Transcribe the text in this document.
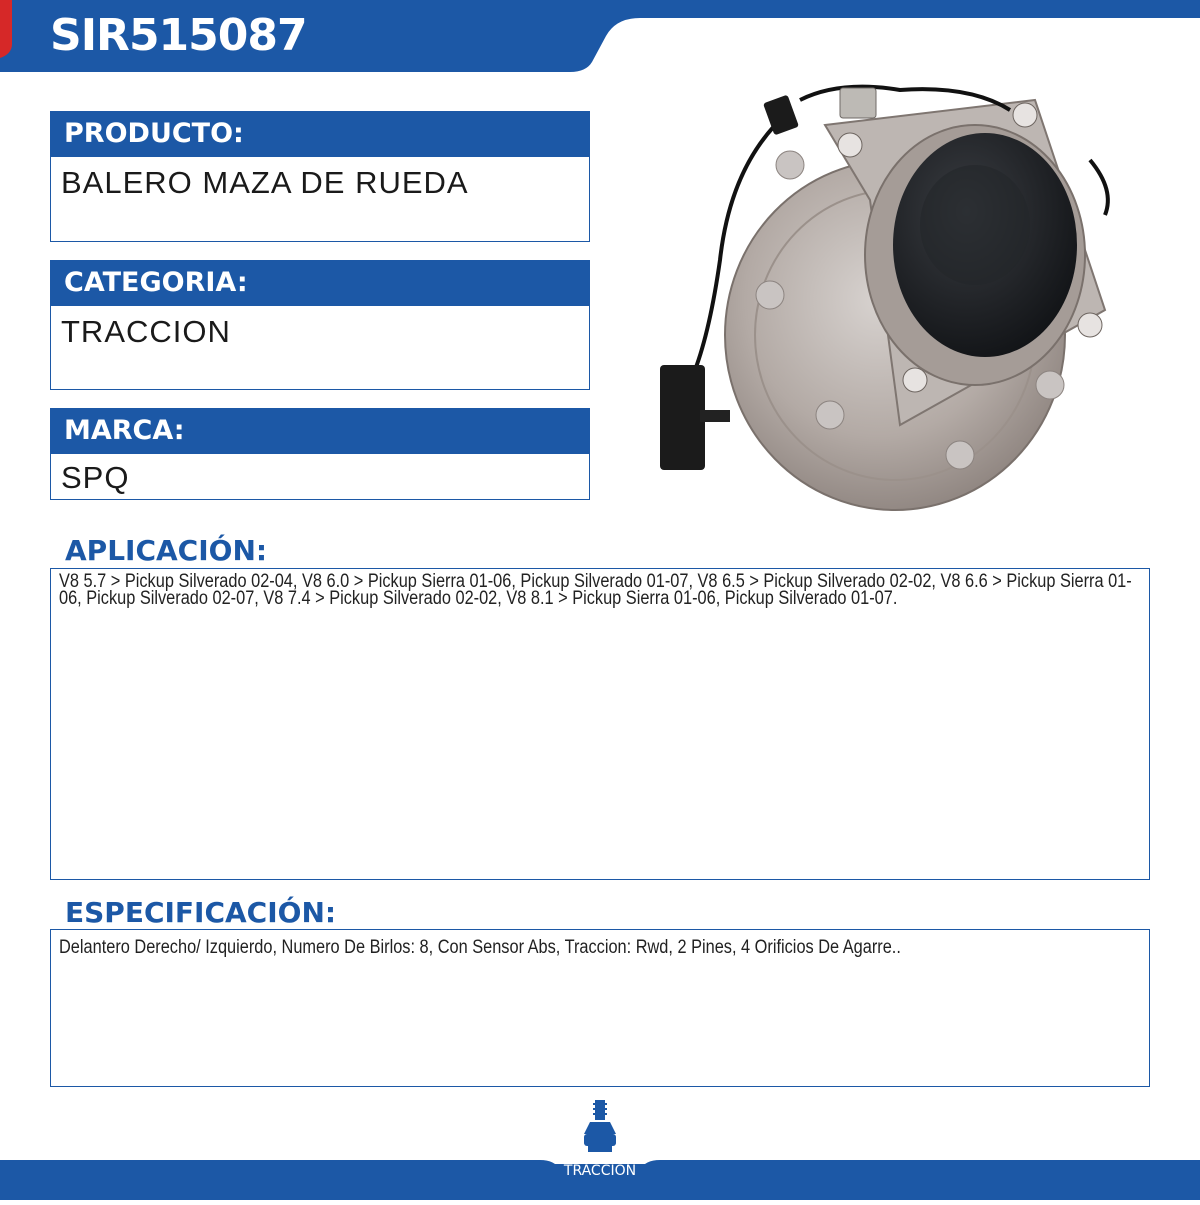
SIR515087
PRODUCTO:
BALERO MAZA DE RUEDA
CATEGORIA:
TRACCION
MARCA:
SPQ
APLICACIÓN:

V8 5.7 > Pickup Silverado 02-04, V8 6.0 > Pickup Sierra 01-06, Pickup Silverado 01-07, V8 6.5 > Pickup Silverado 02-02, V8 6.6 > Pickup Sierra 01-06, Pickup Silverado 02-07, V8 7.4 > Pickup Silverado 02-02, V8 8.1 > Pickup Sierra 01-06, Pickup Silverado 01-07.

ESPECIFICACIÓN:

Delantero Derecho/ Izquierdo, Numero De Birlos: 8, Con Sensor Abs, Traccion: Rwd, 2 Pines, 4 Orificios De Agarre..

TRACCIÓN
